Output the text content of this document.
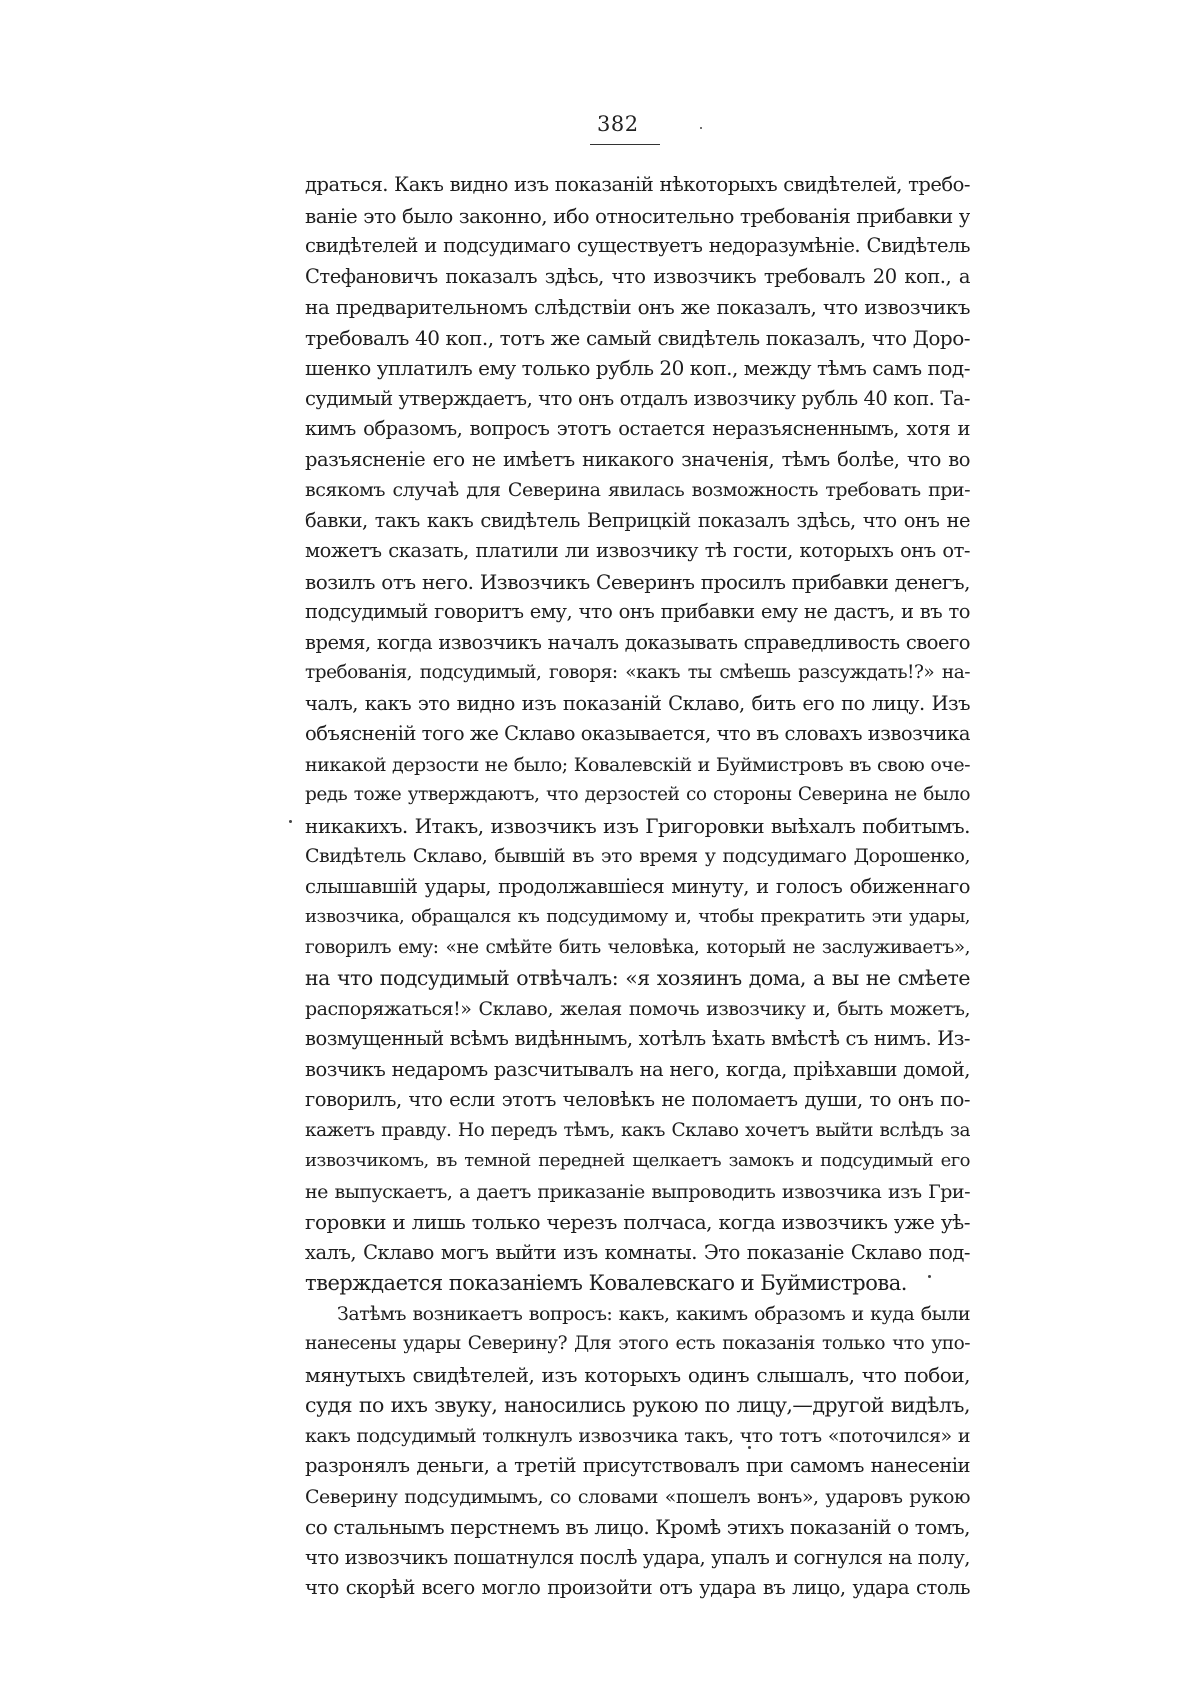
382
драться. Какъ видно изъ показаній нѣкоторыхъ свидѣтелей, требо-
ваніе это было законно, ибо относительно требованія прибавки у
свидѣтелей и подсудимаго существуетъ недоразумѣніе. Свидѣтель
Стефановичъ показалъ здѣсь, что извозчикъ требовалъ 20 коп., а
на предварительномъ слѣдствіи онъ же показалъ, что извозчикъ
требовалъ 40 коп., тотъ же самый свидѣтель показалъ, что Доро-
шенко уплатилъ ему только рубль 20 коп., между тѣмъ самъ под-
судимый утверждаетъ, что онъ отдалъ извозчику рубль 40 коп. Та-
кимъ образомъ, вопросъ этотъ остается неразъясненнымъ, хотя и
разъясненіе его не имѣетъ никакого значенія, тѣмъ болѣе, что во
всякомъ случаѣ для Северина явилась возможность требовать при-
бавки, такъ какъ свидѣтель Веприцкій показалъ здѣсь, что онъ не
можетъ сказать, платили ли извозчику тѣ гости, которыхъ онъ от-
возилъ отъ него. Извозчикъ Северинъ просилъ прибавки денегъ,
подсудимый говоритъ ему, что онъ прибавки ему не дастъ, и въ то
время, когда извозчикъ началъ доказывать справедливость своего
требованія, подсудимый, говоря: «какъ ты смѣешь разсуждать!?» на-
чалъ, какъ это видно изъ показаній Склаво, бить его по лицу. Изъ
объясненій того же Склаво оказывается, что въ словахъ извозчика
никакой дерзости не было; Ковалевскій и Буймистровъ въ свою оче-
редь тоже утверждаютъ, что дерзостей со стороны Северина не было
никакихъ. Итакъ, извозчикъ изъ Григоровки выѣхалъ побитымъ.
Свидѣтель Склаво, бывшій въ это время у подсудимаго Дорошенко,
слышавшій удары, продолжавшіеся минуту, и голосъ обиженнаго
извозчика, обращался къ подсудимому и, чтобы прекратить эти удары,
говорилъ ему: «не смѣйте бить человѣка, который не заслуживаетъ»,
на что подсудимый отвѣчалъ: «я хозяинъ дома, а вы не смѣете
распоряжаться!» Склаво, желая помочь извозчику и, быть можетъ,
возмущенный всѣмъ видѣннымъ, хотѣлъ ѣхать вмѣстѣ съ нимъ. Из-
возчикъ недаромъ разсчитывалъ на него, когда, пріѣхавши домой,
говорилъ, что если этотъ человѣкъ не поломаетъ души, то онъ по-
кажетъ правду. Но передъ тѣмъ, какъ Склаво хочетъ выйти вслѣдъ за
извозчикомъ, въ темной передней щелкаетъ замокъ и подсудимый его
не выпускаетъ, а даетъ приказаніе выпроводить извозчика изъ Гри-
горовки и лишь только черезъ полчаса, когда извозчикъ уже уѣ-
халъ, Склаво могъ выйти изъ комнаты. Это показаніе Склаво под-
тверждается показаніемъ Ковалевскаго и Буймистрова.
Затѣмъ возникаетъ вопросъ: какъ, какимъ образомъ и куда были
нанесены удары Северину? Для этого есть показанія только что упо-
мянутыхъ свидѣтелей, изъ которыхъ одинъ слышалъ, что побои,
судя по ихъ звуку, наносились рукою по лицу,—другой видѣлъ,
какъ подсудимый толкнулъ извозчика такъ, что тотъ «поточился» и
разронялъ деньги, а третій присутствовалъ при самомъ нанесеніи
Северину подсудимымъ, со словами «пошелъ вонъ», ударовъ рукою
со стальнымъ перстнемъ въ лицо. Кромѣ этихъ показаній о томъ,
что извозчикъ пошатнулся послѣ удара, упалъ и согнулся на полу,
что скорѣй всего могло произойти отъ удара въ лицо, удара столь
